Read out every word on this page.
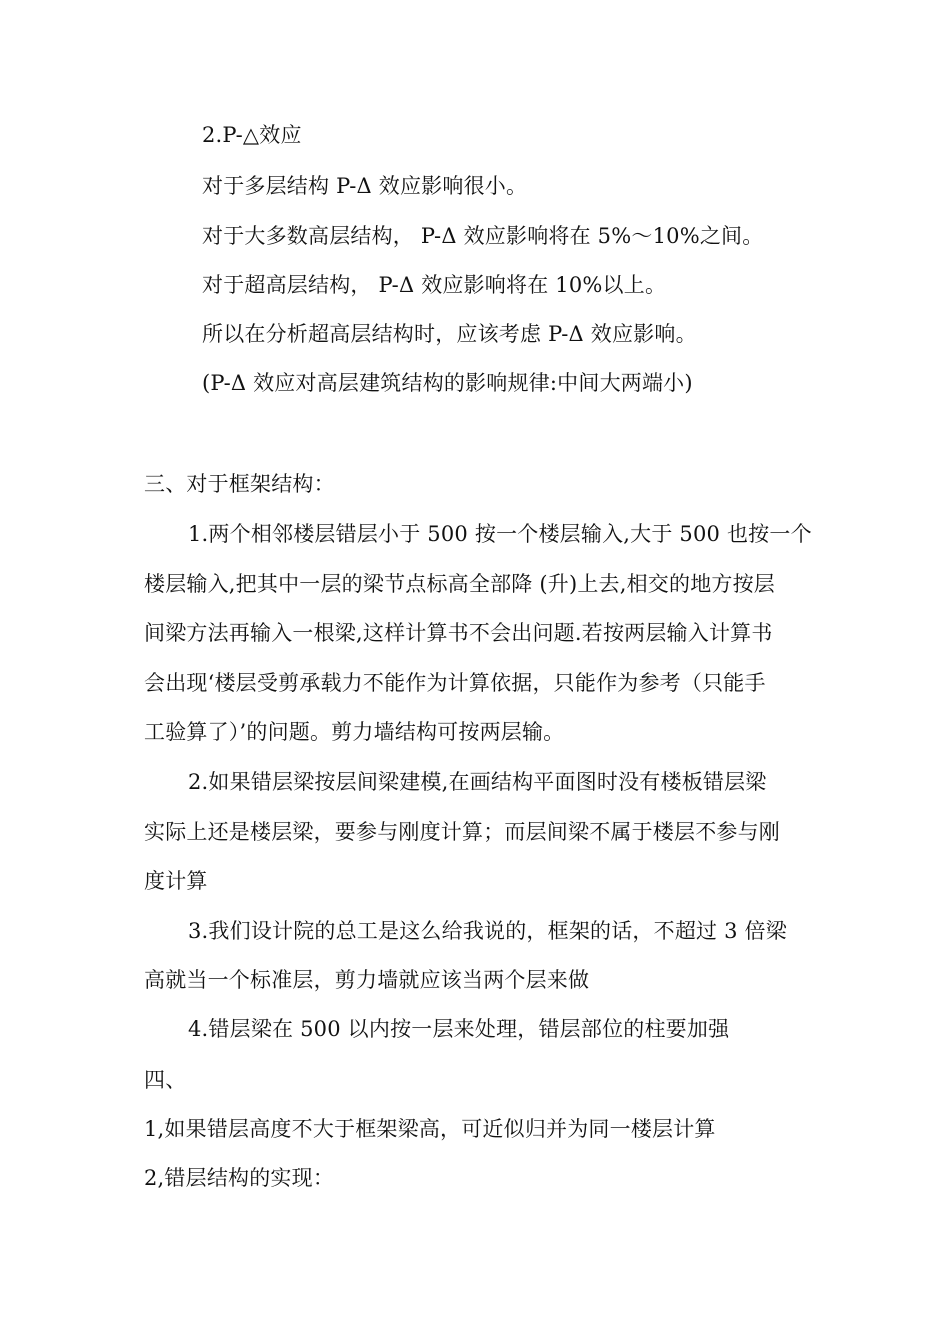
2.P-△效应
对于多层结构 P-Δ 效应影响很小。
对于大多数高层结构， P-Δ 效应影响将在 5%～10%之间。
对于超高层结构， P-Δ 效应影响将在 10%以上。
所以在分析超高层结构时，应该考虑 P-Δ 效应影响。
(P-Δ 效应对高层建筑结构的影响规律:中间大两端小)
三、对于框架结构：
1.两个相邻楼层错层小于 500 按一个楼层输入,大于 500 也按一个
楼层输入,把其中一层的梁节点标高全部降 (升)上去,相交的地方按层
间梁方法再输入一根梁,这样计算书不会出问题.若按两层输入计算书
会出现‘楼层受剪承载力不能作为计算依据，只能作为参考（只能手
工验算了）’的问题。剪力墙结构可按两层输。
2.如果错层梁按层间梁建模,在画结构平面图时没有楼板错层梁
实际上还是楼层梁，要参与刚度计算；而层间梁不属于楼层不参与刚
度计算
3.我们设计院的总工是这么给我说的，框架的话，不超过 3 倍梁
高就当一个标准层，剪力墙就应该当两个层来做
4.错层梁在 500 以内按一层来处理，错层部位的柱要加强
四、
1,如果错层高度不大于框架梁高，可近似归并为同一楼层计算
2,错层结构的实现：
